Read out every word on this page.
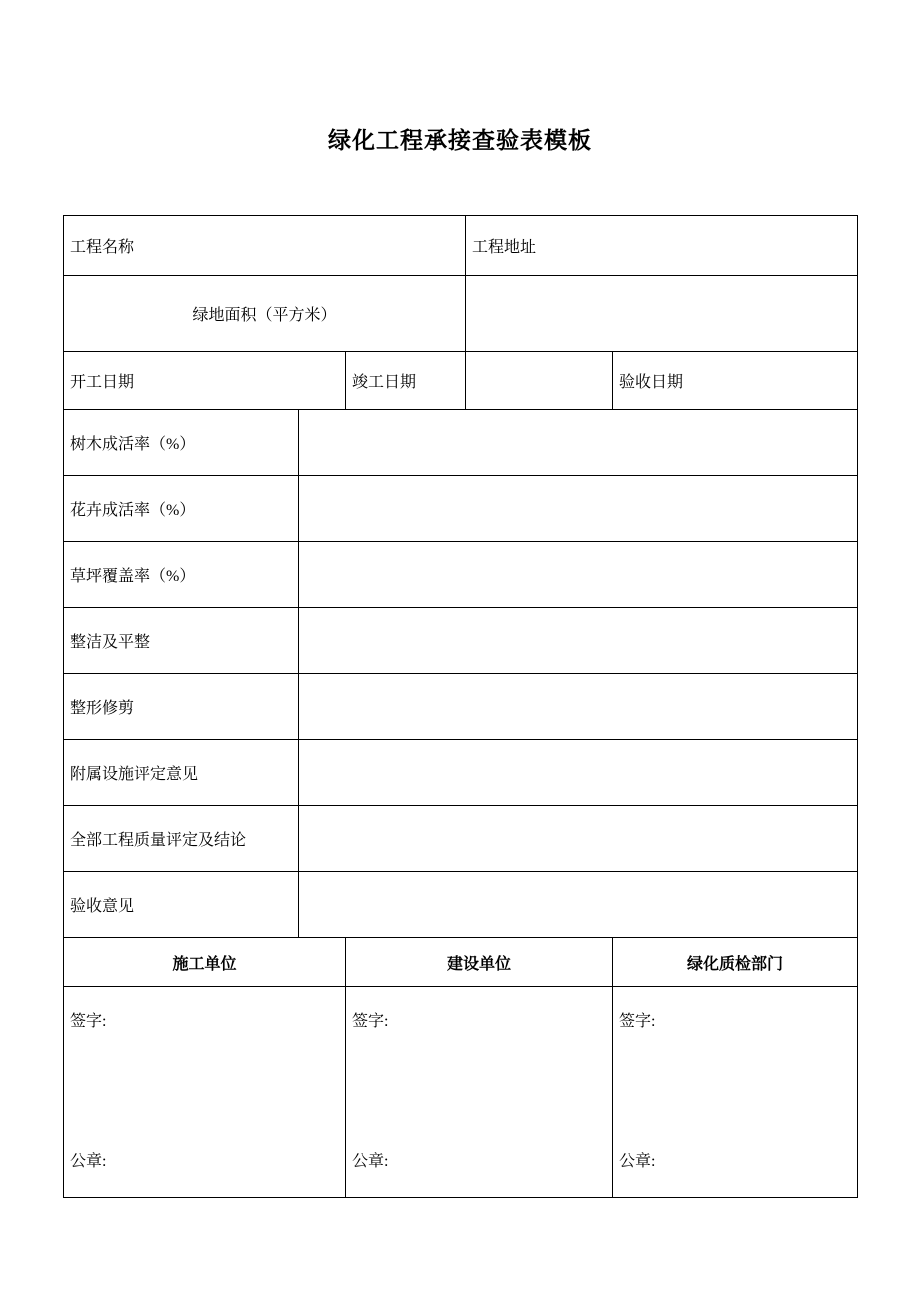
绿化工程承接查验表模板
工程名称			工程地址	
绿地面积（平方米）				
开工日期		竣工日期		验收日期
树木成活率（%）				
花卉成活率（%）				
草坪覆盖率（%）				
整洁及平整				
整形修剪				
附属设施评定意见				
全部工程质量评定及结论				
验收意见				
施工单位		建设单位		绿化质检部门

签字:
公章:

签字:
公章:

签字:
公章:
